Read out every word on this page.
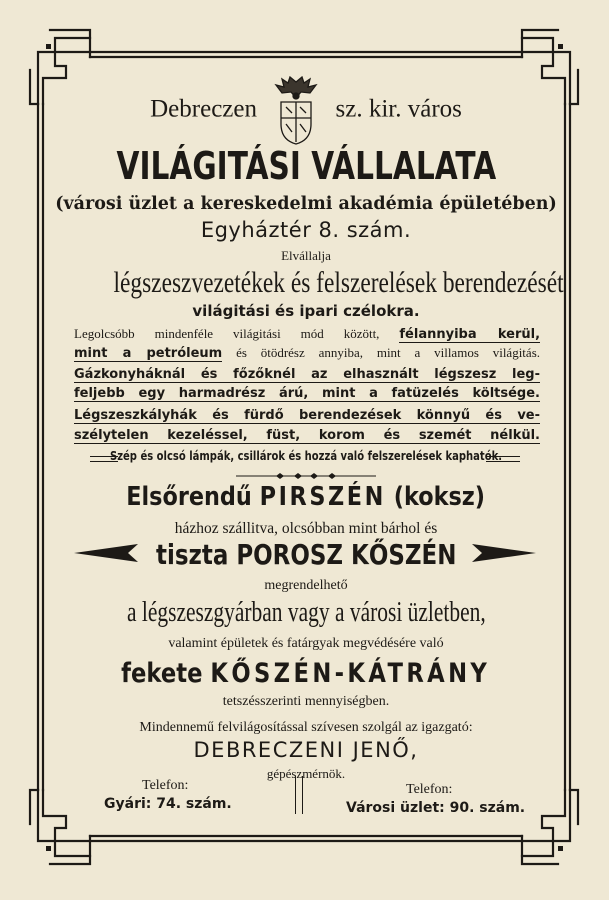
Debreczen	sz. kir. város
VILÁGITÁSI VÁLLALATA
(városi üzlet a kereskedelmi akadémia épületében)
Egyháztér 8. szám.
Elvállalja
légszeszvezetékek és felszerelések berendezését
világitási és ipari czélokra.
Legolcsóbb mindenféle világitási mód között, félannyiba kerül,
mint a petróleum és ötödrész annyiba, mint a villamos világitás.
Gázkonyháknál és főzőknél az elhasznált légszesz leg-
feljebb egy harmadrész árú, mint a fatüzelés költsége.
Légszeszkályhák és fürdő berendezések könnyű és ve-
szélytelen kezeléssel, füst, korom és szemét nélkül.
Szép és olcsó lámpák, csillárok és hozzá való felszerelések kaphatók.
Elsőrendű PIRSZÉN (koksz)
házhoz szállitva, olcsóbban mint bárhol és
tiszta POROSZ KŐSZÉN
megrendelhető
a légszeszgyárban vagy a városi üzletben,
valamint épületek és fatárgyak megvédésére való
fekete KŐSZÉN-KÁTRÁNY
tetszésszerinti mennyiségben.
Mindennemű felvilágosítással szívesen szolgál az igazgató:
DEBRECZENI JENŐ,
gépészmérnök.
Telefon:
Gyári: 74. szám.
Telefon:
Városi üzlet: 90. szám.
